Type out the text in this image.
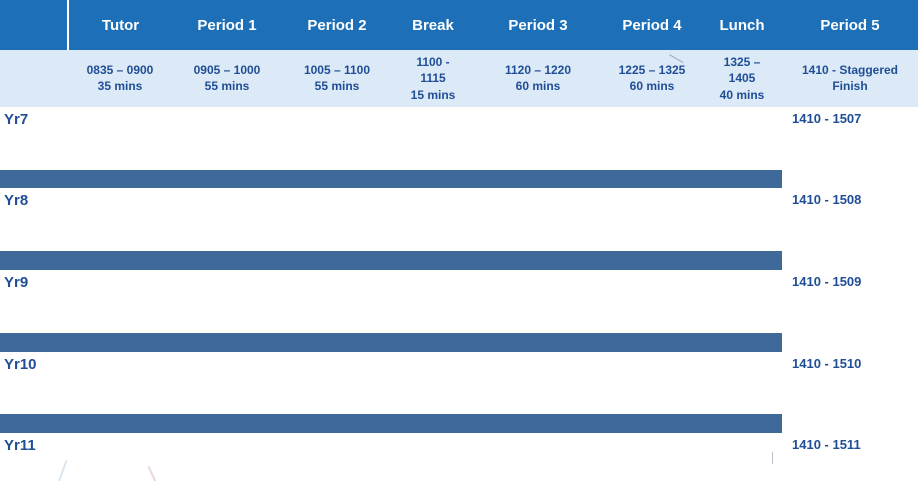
	Tutor	Period 1	Period 2	Break	Period 3	Period 4	Lunch	Period 5

	0835 – 0900
35 mins	0905 – 1000
55 mins	1005 – 1100
55 mins	1100 -
1115
15 mins	1120 – 1220
60 mins	1225 – 1325
60 mins	1325 –
1405
40 mins	1410 - Staggered
Finish

Yr7								1410 - 1507

Yr8								1410 - 1508

Yr9								1410 - 1509

Yr10								1410 - 1510

Yr11								1410 - 1511
